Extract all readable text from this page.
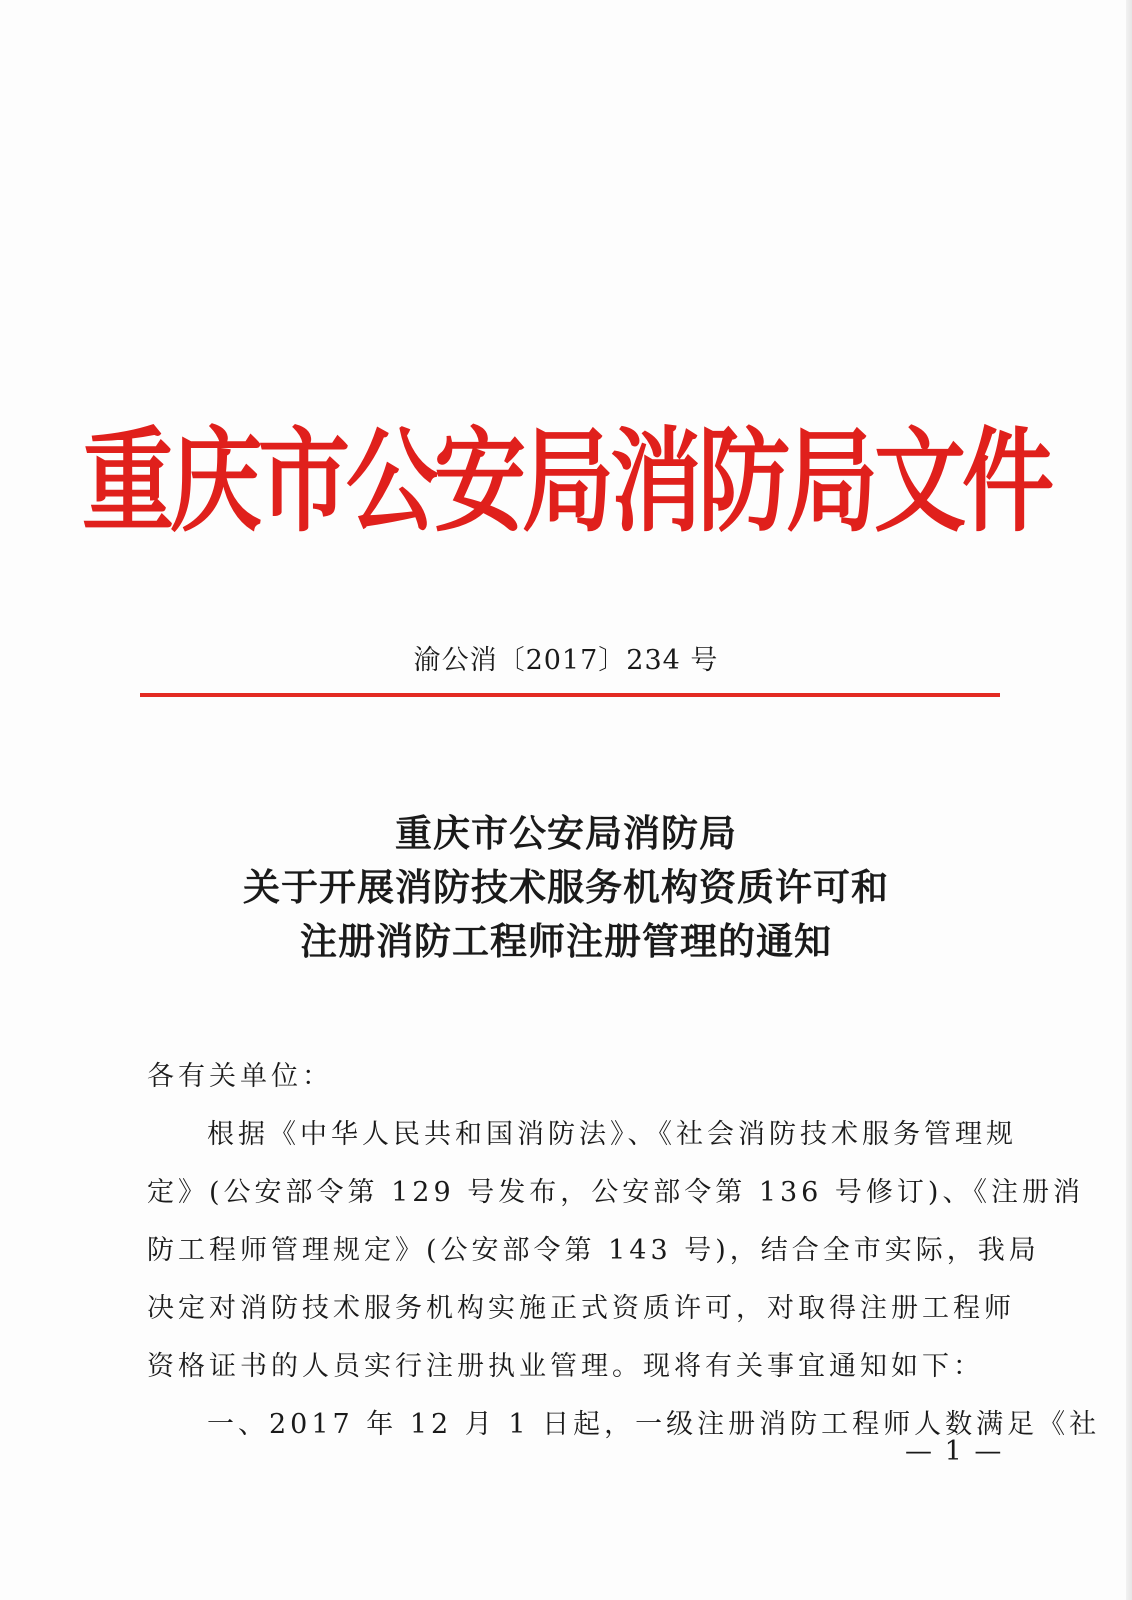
重庆市公安局消防局文件
渝公消〔2017〕234 号
重庆市公安局消防局
关于开展消防技术服务机构资质许可和
注册消防工程师注册管理的通知
各有关单位：
根据《中华人民共和国消防法》、《社会消防技术服务管理规
定》(公安部令第 129 号发布，公安部令第 136 号修订)、《注册消
防工程师管理规定》(公安部令第 143 号)，结合全市实际，我局
决定对消防技术服务机构实施正式资质许可，对取得注册工程师
资格证书的人员实行注册执业管理。现将有关事宜通知如下：
一、2017 年 12 月 1 日起，一级注册消防工程师人数满足《社
— 1 —
